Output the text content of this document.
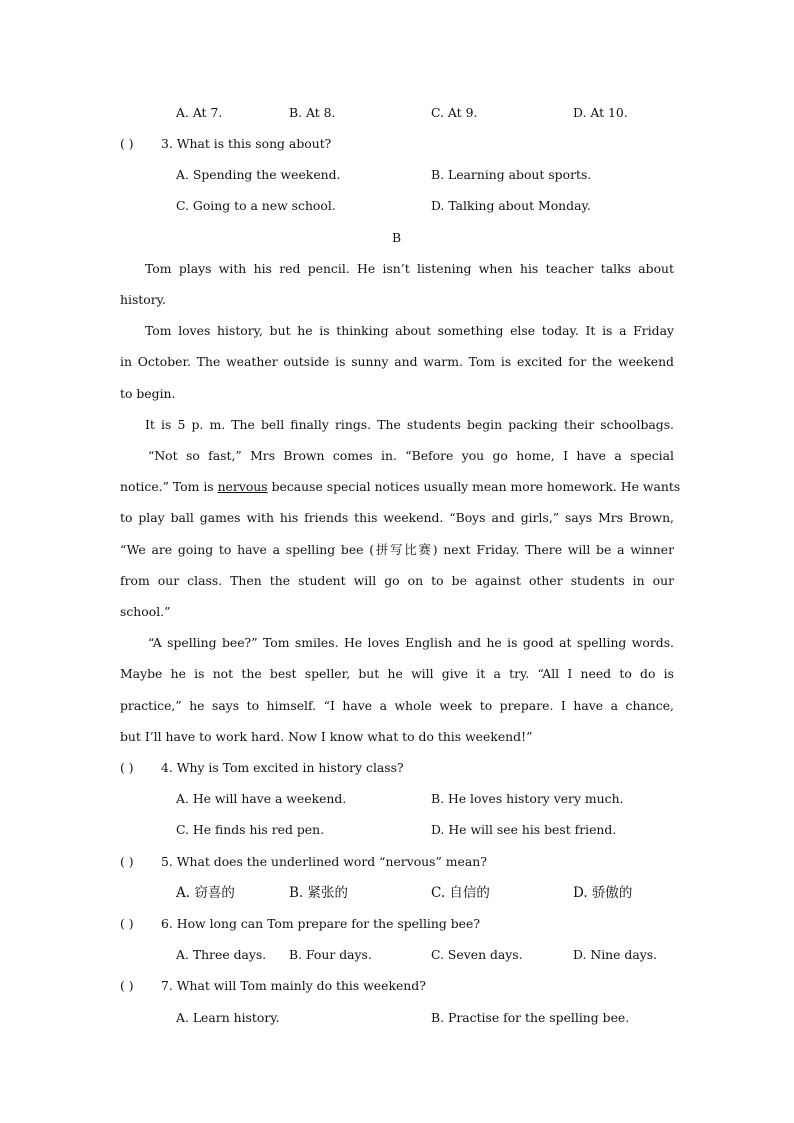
A. At 7.	B. At 8.	C. At 9.	D. At 10.
( ) 3. What is this song about?
A. Spending the weekend.	B. Learning about sports.
C. Going to a new school.	D. Talking about Monday.
B
Tom plays with his red pencil. He isn’t listening when his teacher talks about
history.
Tom loves history, but he is thinking about something else today. It is a Friday
in October. The weather outside is sunny and warm. Tom is excited for the weekend
to begin.
It is 5 p. m. The bell finally rings. The students begin packing their schoolbags.
“Not so fast,” Mrs Brown comes in. “Before you go home, I have a special
notice.” Tom is nervous because special notices usually mean more homework. He wants
to play ball games with his friends this weekend. “Boys and girls,” says Mrs Brown,
“We are going to have a spelling bee (拼写比赛) next Friday. There will be a winner
from our class. Then the student will go on to be against other students in our
school.”
“A spelling bee?” Tom smiles. He loves English and he is good at spelling words.
Maybe he is not the best speller, but he will give it a try. “All I need to do is
practice,” he says to himself. “I have a whole week to prepare. I have a chance,
but I’ll have to work hard. Now I know what to do this weekend!”
( ) 4. Why is Tom excited in history class?
A. He will have a weekend.	B. He loves history very much.
C. He finds his red pen.	D. He will see his best friend.
( ) 5. What does the underlined word “nervous” mean?
A. 窃喜的	B. 紧张的	C. 自信的	D. 骄傲的
( ) 6. How long can Tom prepare for the spelling bee?
A. Three days. B. Four days.	C. Seven days.	D. Nine days.
( ) 7. What will Tom mainly do this weekend?
A. Learn history.	B. Practise for the spelling bee.
